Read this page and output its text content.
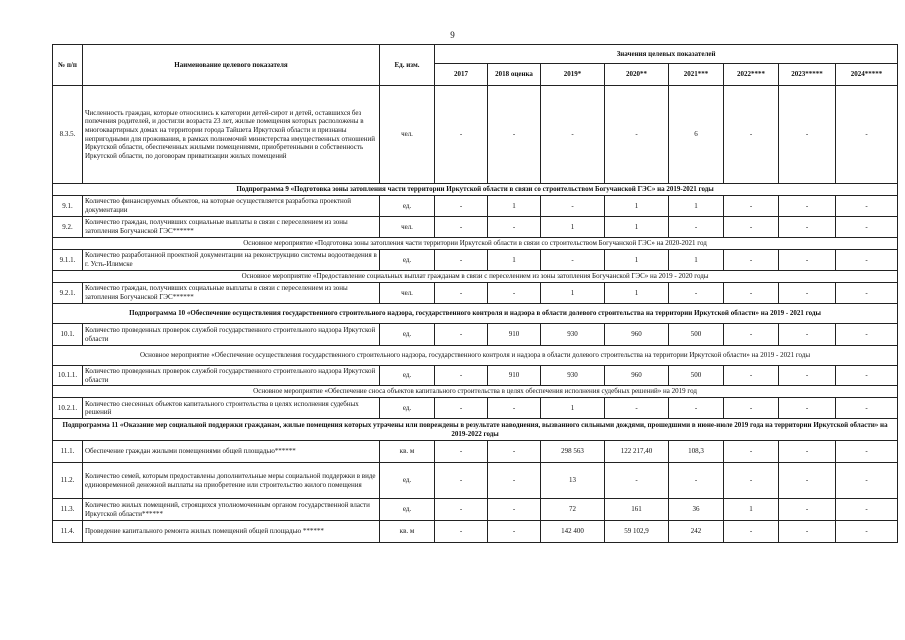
9
№ п/п	Наименование целевого показателя	Ед. изм.	Значения целевых показателей							
			2017	2018 оценка	2019*	2020**	2021***	2022****	2023*****	2024*****
8.3.5.	Численность граждан, которые относились к категории детей-сирот и детей, оставшихся без попечения родителей, и достигли возраста 23 лет, жилые помещения которых расположены в многоквартирных домах на территории города Тайшета Иркутской области и признаны непригодными для проживания, в рамках полномочий министерства имущественных отношений Иркутской области, обеспеченных жилыми помещениями, приобретенными в собственность Иркутской области, по договорам приватизации жилых помещений	чел.	-	-	-	-	6	-	-	-
Подпрограмма 9 «Подготовка зоны затопления части территории Иркутской области в связи со строительством Богучанской ГЭС» на 2019-2021 годы										
9.1.	Количество финансируемых объектов, на которые осуществляется разработка проектной документации	ед.	-	1	-	1	1	-	-	-
9.2.	Количество граждан, получивших социальные выплаты в связи с переселением из зоны затопления Богучанской ГЭС******	чел.	-	-	1	1	-	-	-	-
Основное мероприятие «Подготовка зоны затопления части территории Иркутской области в связи со строительством Богучанской ГЭС» на 2020-2021 год										
9.1.1.	Количество разработанной проектной документации на реконструкцию системы водоотведения в г. Усть-Илимске	ед.	-	1	-	1	1	-	-	-
Основное мероприятие «Предоставление социальных выплат гражданам в связи с переселением из зоны затопления Богучанской ГЭС» на 2019 - 2020 годы										
9.2.1.	Количество граждан, получивших социальные выплаты в связи с переселением из зоны затопления Богучанской ГЭС******	чел.	-	-	1	1	-	-	-	-
Подпрограмма 10 «Обеспечение осуществления государственного строительного надзора, государственного контроля и надзора в области долевого строительства на территории Иркутской области» на 2019 - 2021 годы										
10.1.	Количество проведенных проверок службой государственного строительного надзора Иркутской области	ед.	-	910	930	960	500	-	-	-
Основное мероприятие «Обеспечение осуществления государственного строительного надзора, государственного контроля и надзора в области долевого строительства на территории Иркутской области» на 2019 - 2021 годы										
10.1.1.	Количество проведенных проверок службой государственного строительного надзора Иркутской области	ед.	-	910	930	960	500	-	-	-
Основное мероприятие «Обеспечение сноса объектов капитального строительства в целях обеспечения исполнения судебных решений» на 2019 год										
10.2.1.	Количество снесенных объектов капитального строительства в целях исполнения судебных решений	ед.	-	-	1	-	-	-	-	-
Подпрограмма 11 «Оказание мер социальной поддержки гражданам, жилые помещения которых утрачены или повреждены в результате наводнения, вызванного сильными дождями, прошедшими в июне-июле 2019 года на территории Иркутской области» на 2019-2022 годы										
11.1.	Обеспечение граждан жилыми помещениями общей площадью******	кв. м	-	-	298 563	122 217,40	108,3	-	-	-
11.2.	Количество семей, которым предоставлены дополнительные меры социальной поддержки в виде единовременной денежной выплаты на приобретение или строительство жилого помещения	ед.	-	-	13	-	-	-	-	-
11.3.	Количество жилых помещений, строящихся уполномоченным органом государственной власти Иркутской области******	ед.	-	-	72	161	36	1	-	-
11.4.	Проведение капитального ремонта жилых помещений общей площадью ******	кв. м	-	-	142 400	59 102,9	242	-	-	-
